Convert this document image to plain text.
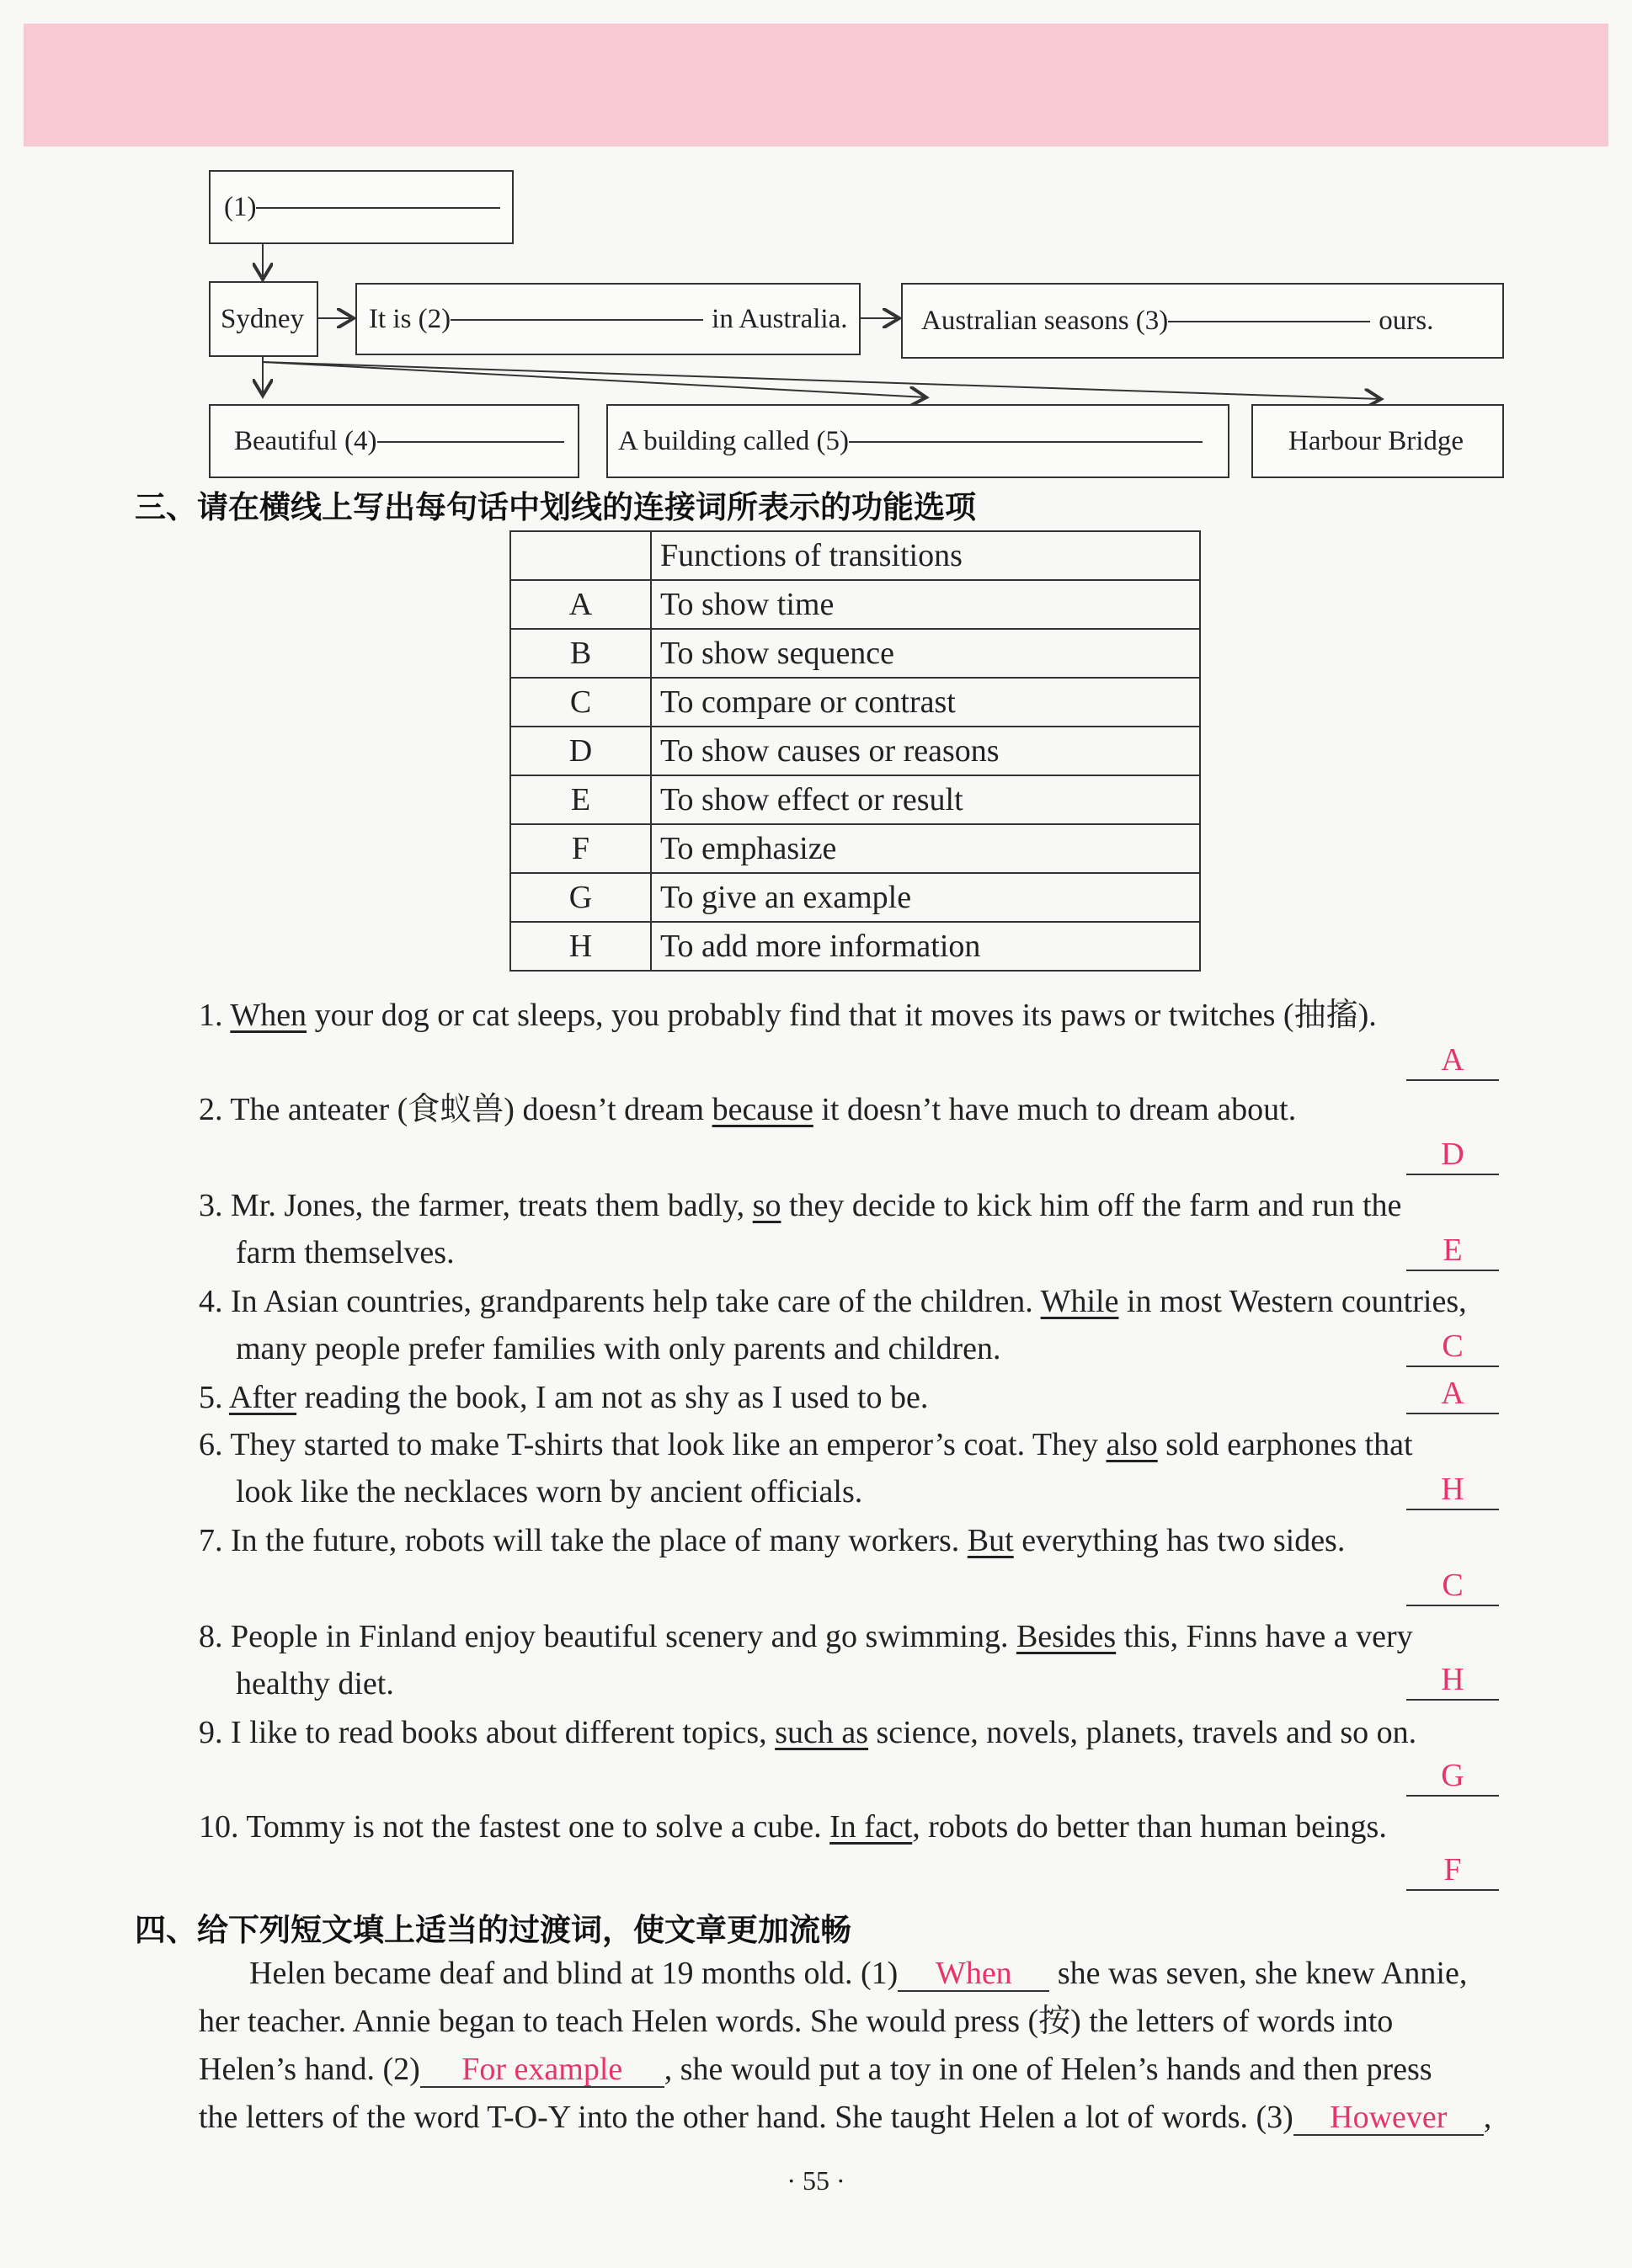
(1)
Sydney It is (2)	in Australia.	Australian seasons (3)	ours.
Beautiful (4)	A building called (5)	Harbour Bridge
三、请在横线上写出每句话中划线的连接词所表示的功能选项
	Functions of transitions
A	To show time
B	To show sequence
C	To compare or contrast
D	To show causes or reasons
E	To show effect or result
F	To emphasize
G	To give an example
H	To add more information
1. When your dog or cat sleeps, you probably find that it moves its paws or twitches (抽搐).
A
2. The anteater (食蚁兽) doesn’t dream because it doesn’t have much to dream about.
D
3. Mr. Jones, the farmer, treats them badly, so they decide to kick him off the farm and run the
farm themselves.	E
4. In Asian countries, grandparents help take care of the children. While in most Western countries,
many people prefer families with only parents and children.	C
5. After reading the book, I am not as shy as I used to be.	A
6. They started to make T-shirts that look like an emperor’s coat. They also sold earphones that
look like the necklaces worn by ancient officials.	H
7. In the future, robots will take the place of many workers. But everything has two sides.
C
8. People in Finland enjoy beautiful scenery and go swimming. Besides this, Finns have a very
healthy diet.	H
9. I like to read books about different topics, such as science, novels, planets, travels and so on.
G
10. Tommy is not the fastest one to solve a cube. In fact, robots do better than human beings.
F
四、给下列短文填上适当的过渡词，使文章更加流畅
Helen became deaf and blind at 19 months old. (1) When she was seven, she knew Annie,
her teacher. Annie began to teach Helen words. She would press (按) the letters of words into
Helen’s hand. (2) For example , she would put a toy in one of Helen’s hands and then press
the letters of the word T-O-Y into the other hand. She taught Helen a lot of words. (3) However ,
· 55 ·
